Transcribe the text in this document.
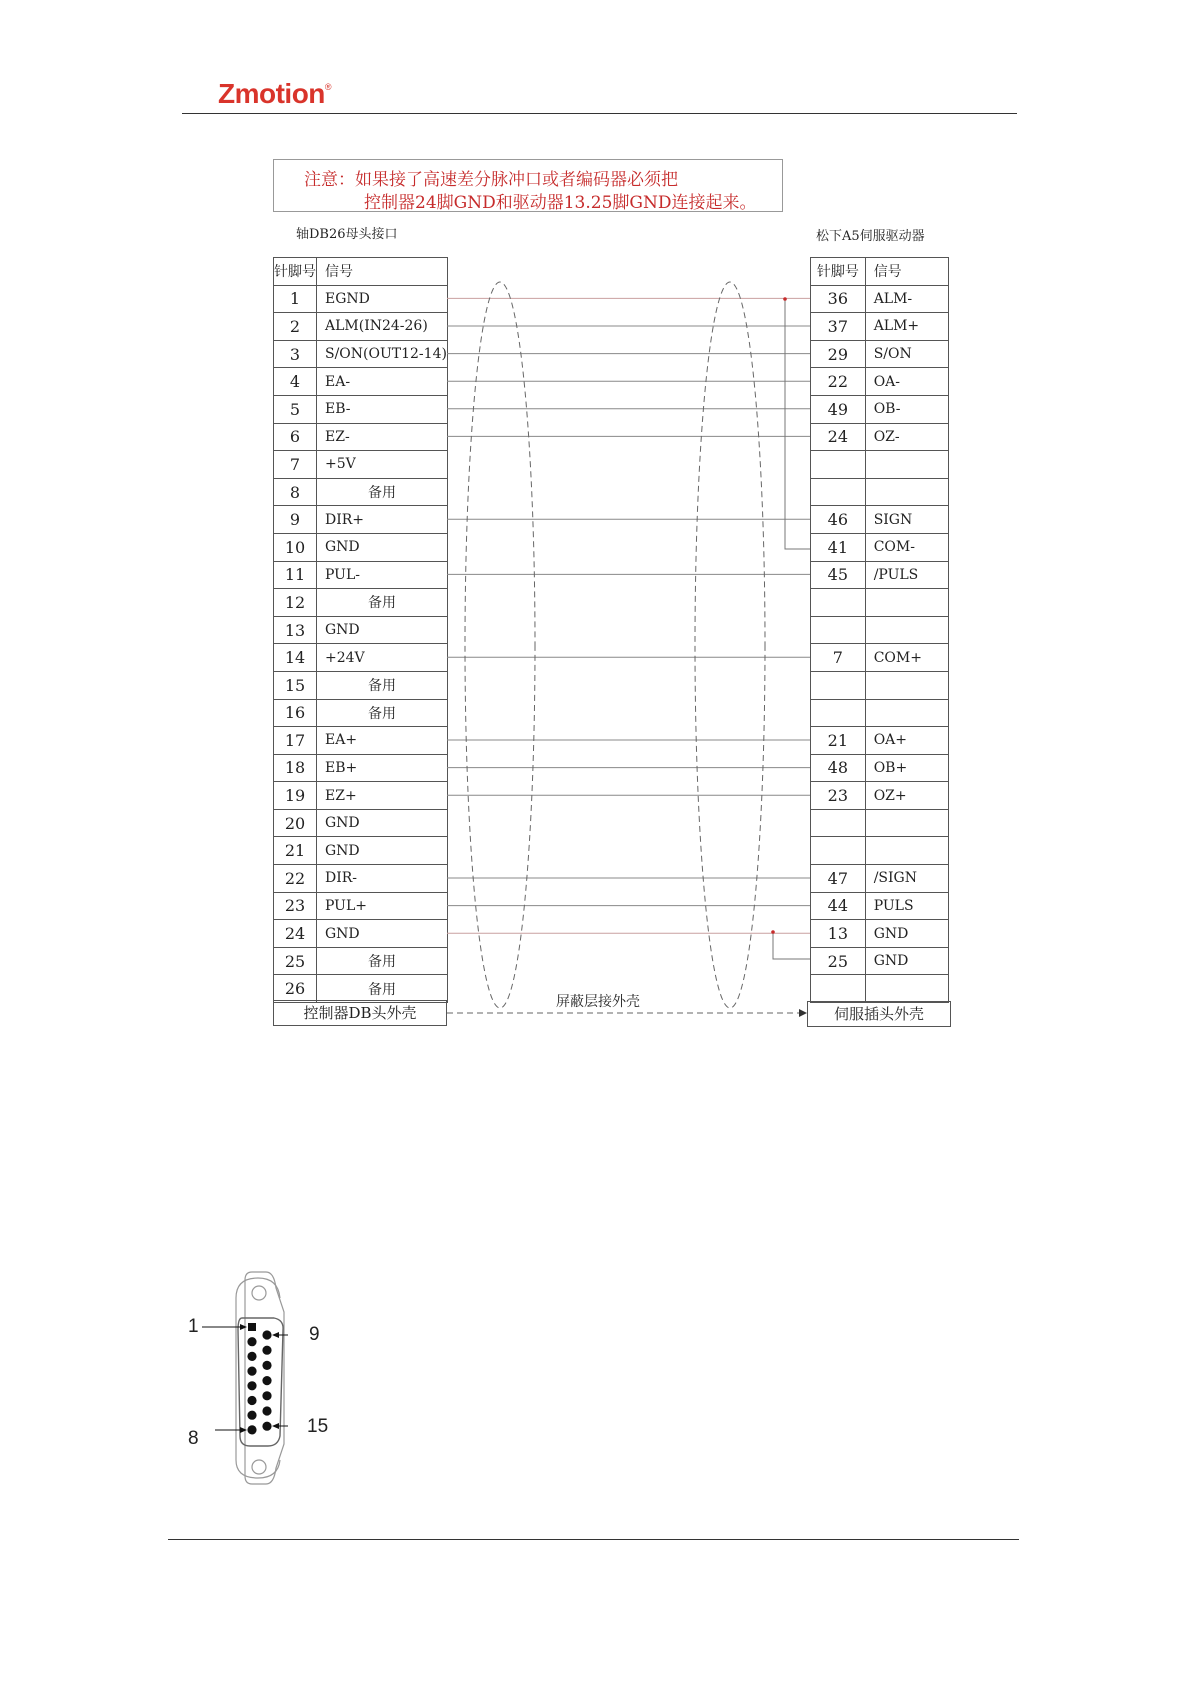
Zmotion®
注意：如果接了高速差分脉冲口或者编码器必须把
控制器24脚GND和驱动器13.25脚GND连接起来。
轴DB26母头接口	松下A5伺服驱动器
针脚号	信号
1	EGND
2	ALM(IN24-26)
3	S/ON(OUT12-14)
4	EA-
5	EB-
6	EZ-
7	+5V
8	备用
9	DIR+
10	GND
11	PUL-
12	备用
13	GND
14	+24V
15	备用
16	备用
17	EA+
18	EB+
19	EZ+
20	GND
21	GND
22	DIR-
23	PUL+
24	GND
25	备用
26	备用
控制器DB头外壳
针脚号	信号
36	ALM-
37	ALM+
29	S/ON
22	OA-
49	OB-
24	OZ-

46	SIGN
41	COM-
45	/PULS

7	COM+

21	OA+
48	OB+
23	OZ+

47	/SIGN
44	PULS
13	GND
25	GND

伺服插头外壳
屏蔽层接外壳
1	9
8
15
